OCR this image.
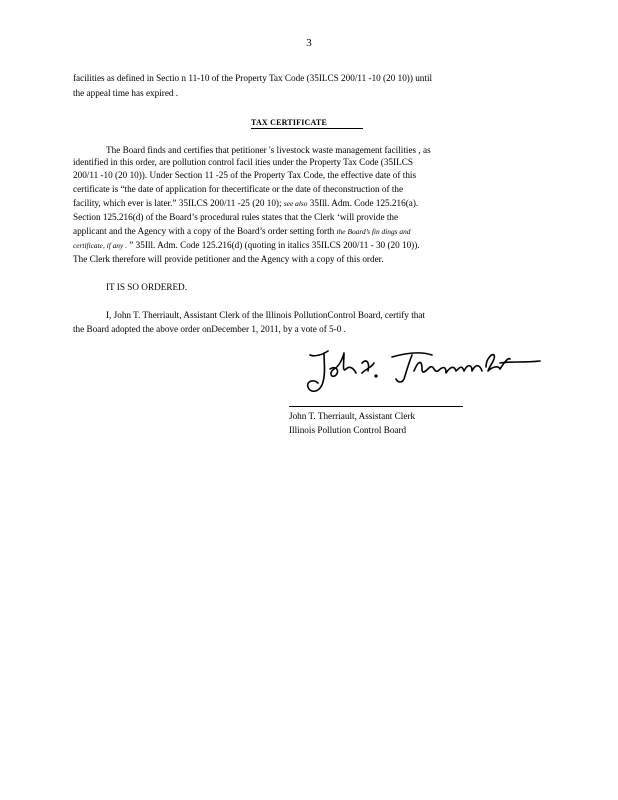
3
facilities as defined in Sectio n 11-10 of the Property Tax Code (35ILCS 200/11 -10 (20 10)) until
the appeal time has expired .
TAX CERTIFICATE
The Board finds and certifies that petitioner 's livestock waste management facilities , as
identified in this order, are pollution control facil ities under the Property Tax Code (35ILCS
200/11 -10 (20 10)). Under Section 11 -25 of the Property Tax Code, the effective date of this
certificate is “the date of application for thecertificate or the date of theconstruction of the
facility, which ever is later.” 35ILCS 200/11 -25 (20 10); see also 35Ill. Adm. Code 125.216(a).
Section 125.216(d) of the Board’s procedural rules states that the Clerk ‘will provide the
applicant and the Agency with a copy of the Board’s order setting forth the Board’s fin dings and
certificate, if any . ” 35Ill. Adm. Code 125.216(d) (quoting in italics 35ILCS 200/11 - 30 (20 10)).
The Clerk therefore will provide petitioner and the Agency with a copy of this order.
IT IS SO ORDERED.
I, John T. Therriault, Assistant Clerk of the Illinois PollutionControl Board, certify that
the Board adopted the above order onDecember 1, 2011, by a vote of 5-0 .
John T. Therriault, Assistant Clerk
Illinois Pollution Control Board
